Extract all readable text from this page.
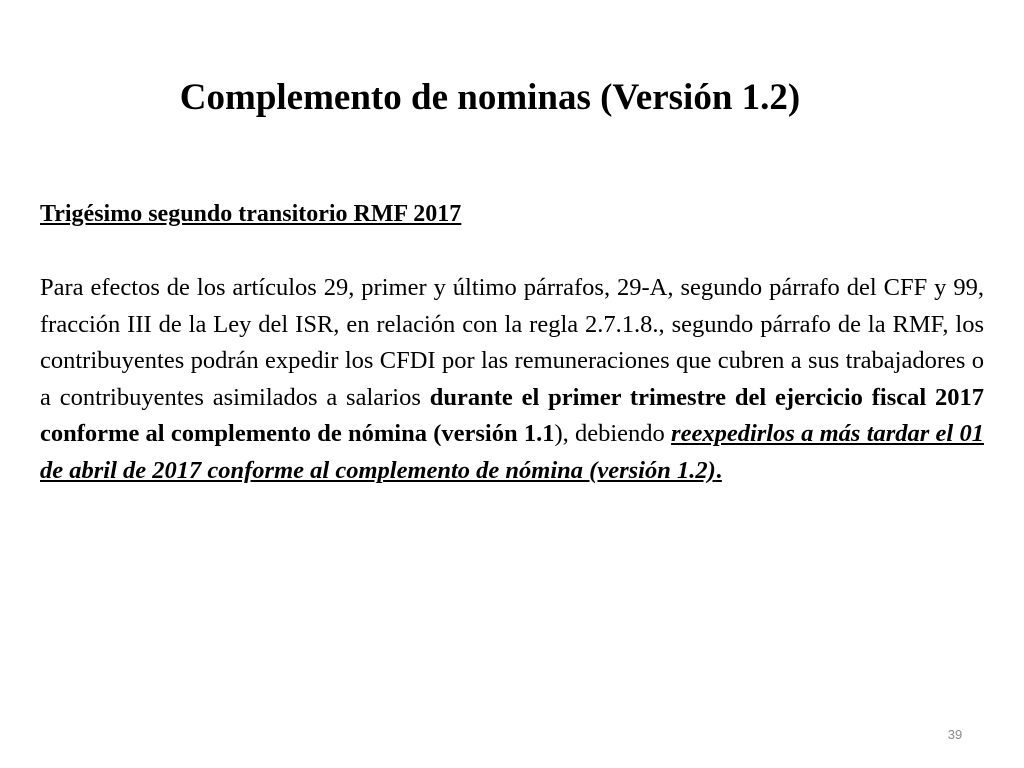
Complemento de nominas (Versión 1.2)
Trigésimo segundo transitorio RMF 2017

Para efectos de los artículos 29, primer y último párrafos, 29-A, segundo párrafo del CFF y 99, fracción III de la Ley del ISR, en relación con la regla 2.7.1.8., segundo párrafo de la RMF, los contribuyentes podrán expedir los CFDI por las remuneraciones que cubren a sus trabajadores o a contribuyentes asimilados a salarios durante el primer trimestre del ejercicio fiscal 2017 conforme al complemento de nómina (versión 1.1), debiendo reexpedirlos a más tardar el 01 de abril de 2017 conforme al complemento de nómina (versión 1.2).

39
